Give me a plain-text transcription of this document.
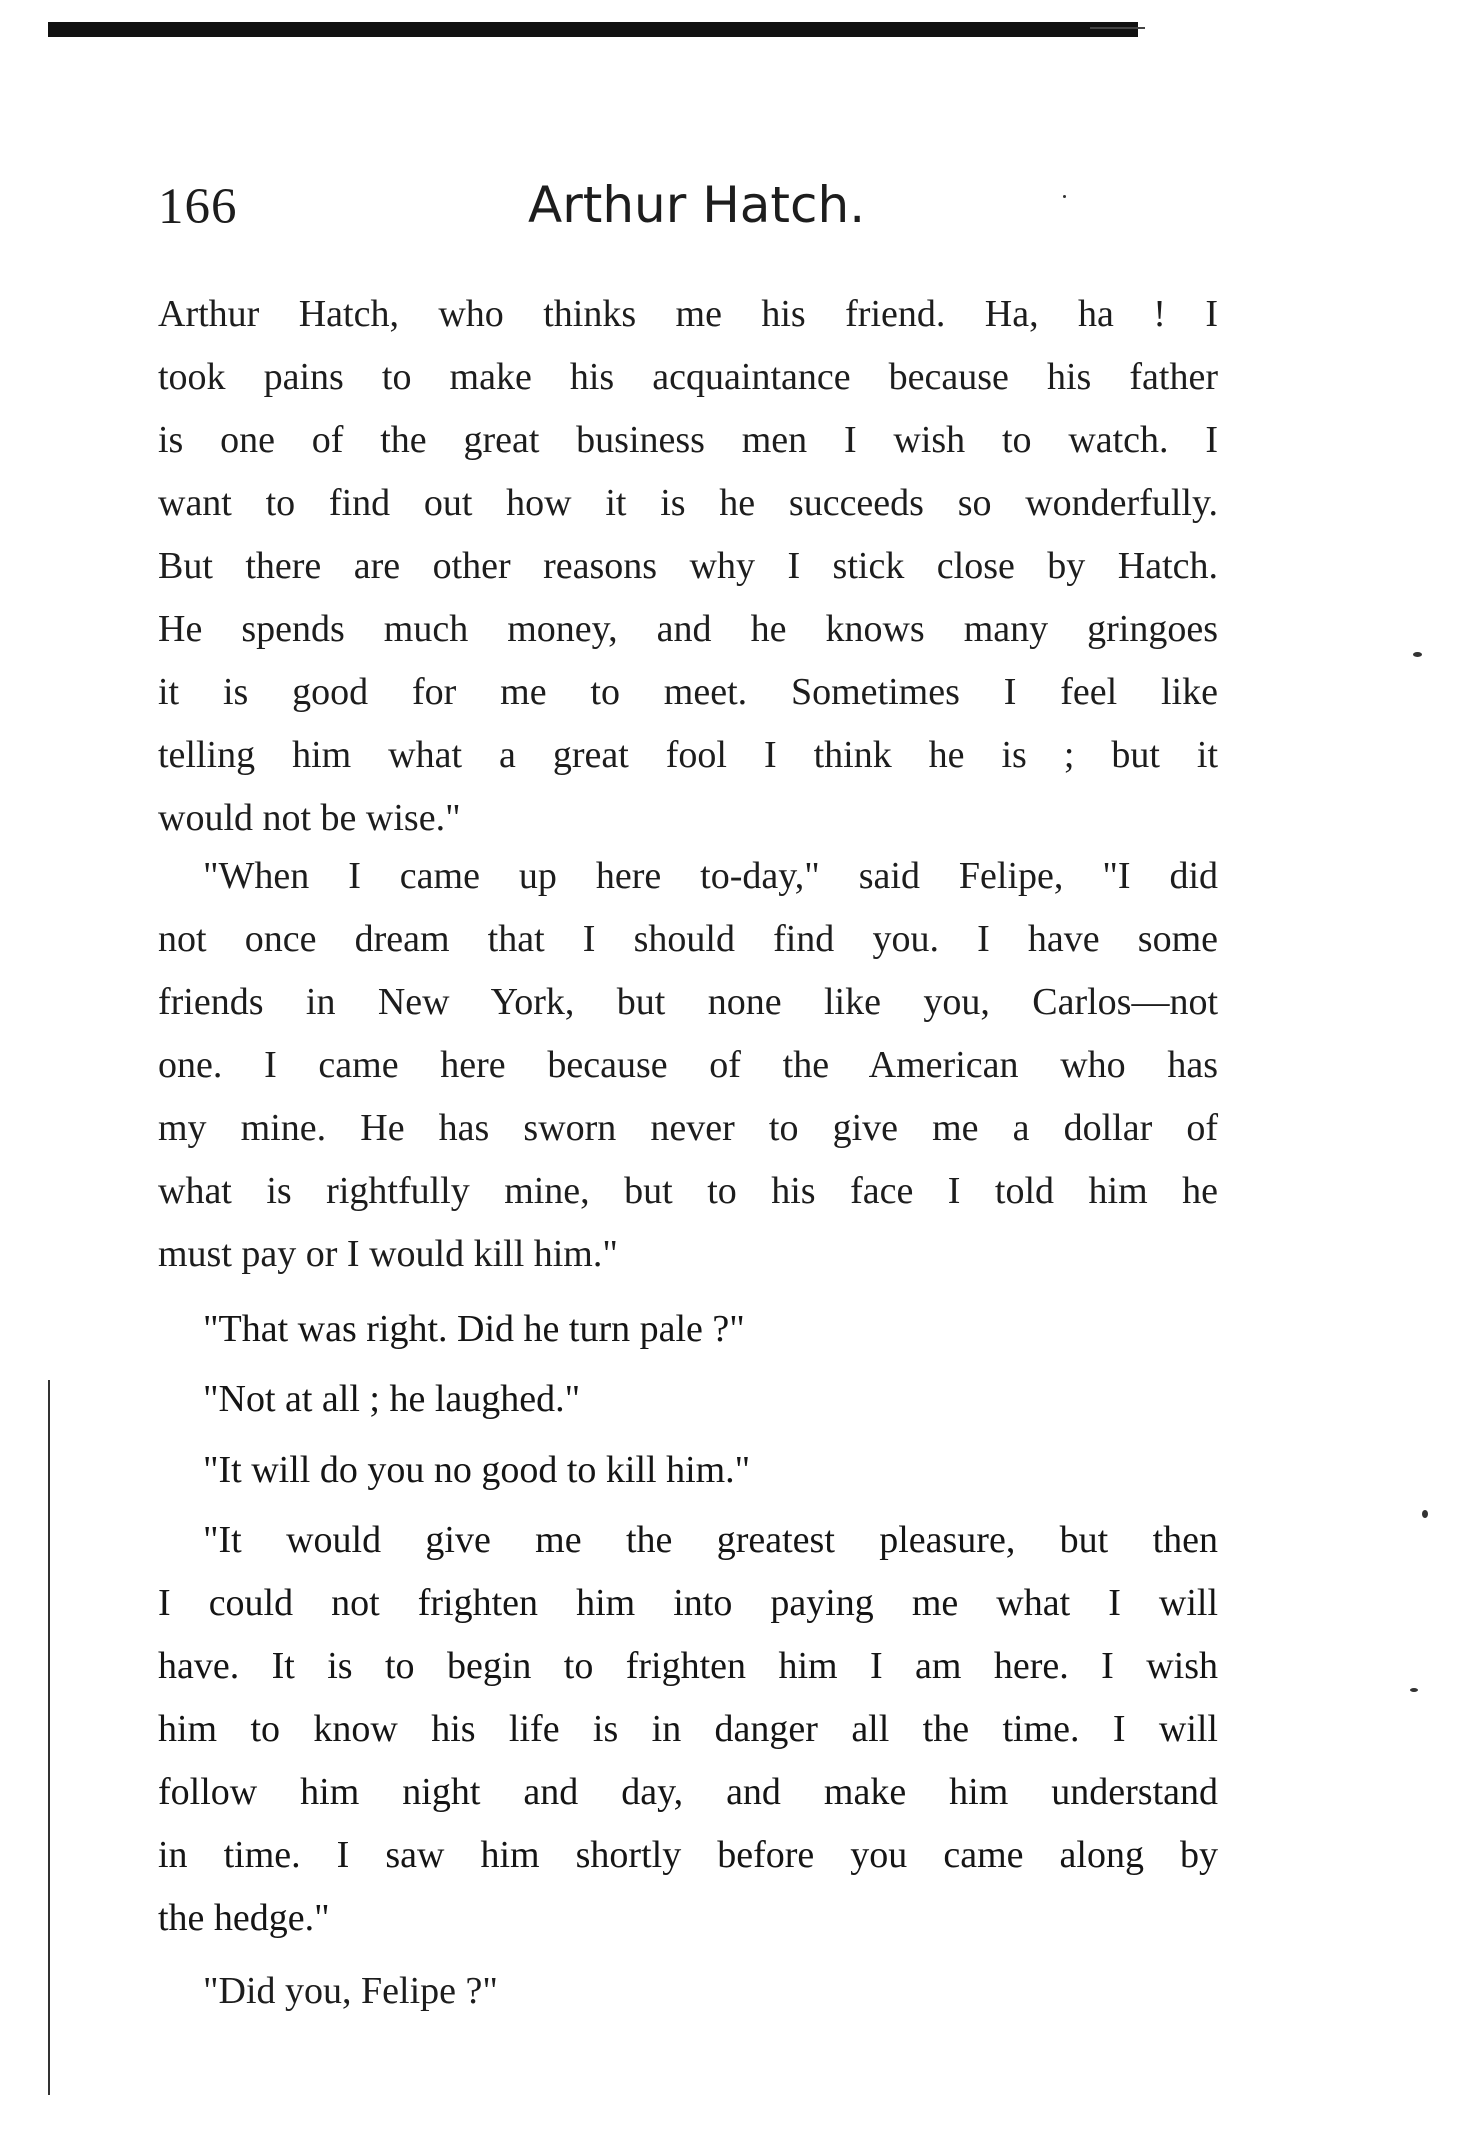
166	Arthur Hatch.
Arthur Hatch, who thinks me his friend. Ha, ha ! I
took pains to make his acquaintance because his father
is one of the great business men I wish to watch. I
want to find out how it is he succeeds so wonderfully.
But there are other reasons why I stick close by Hatch.
He spends much money, and he knows many gringoes
it is good for me to meet. Sometimes I feel like
telling him what a great fool I think he is ; but it
would not be wise."
"When I came up here to-day," said Felipe, "I did
not once dream that I should find you. I have some
friends in New York, but none like you, Carlos—not
one. I came here because of the American who has
my mine. He has sworn never to give me a dollar of
what is rightfully mine, but to his face I told him he
must pay or I would kill him."
"That was right. Did he turn pale ?"
"Not at all ; he laughed."
"It will do you no good to kill him."
"It would give me the greatest pleasure, but then
I could not frighten him into paying me what I will
have. It is to begin to frighten him I am here. I wish
him to know his life is in danger all the time. I will
follow him night and day, and make him understand
in time. I saw him shortly before you came along by
the hedge."
"Did you, Felipe ?"
